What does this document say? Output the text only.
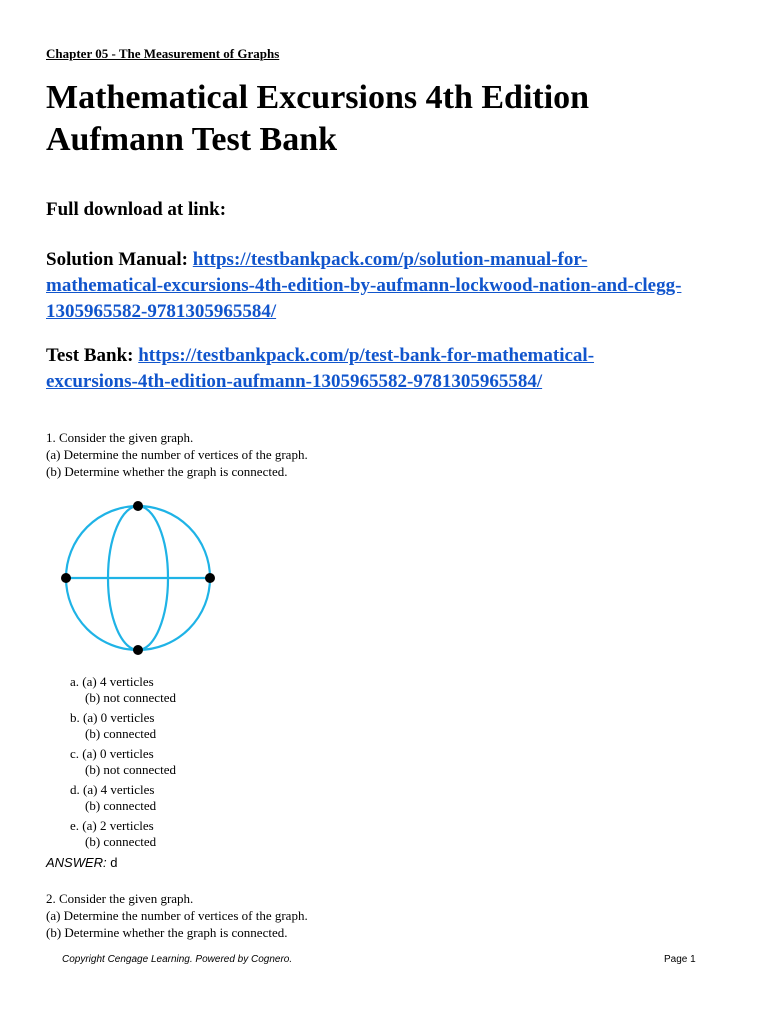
Chapter 05 - The Measurement of Graphs
Mathematical Excursions 4th Edition
Aufmann Test Bank
Full download at link:
Solution Manual: https://testbankpack.com/p/solution-manual-for-
mathematical-excursions-4th-edition-by-aufmann-lockwood-nation-and-clegg-
1305965582-9781305965584/
Test Bank: https://testbankpack.com/p/test-bank-for-mathematical-
excursions-4th-edition-aufmann-1305965582-9781305965584/
1. Consider the given graph.
(a) Determine the number of vertices of the graph.
(b) Determine whether the graph is connected.
a. (a) 4 verticles
(b) not connected
b. (a) 0 verticles
(b) connected
c. (a) 0 verticles
(b) not connected
d. (a) 4 verticles
(b) connected
e. (a) 2 verticles
(b) connected
ANSWER: d
2. Consider the given graph.
(a) Determine the number of vertices of the graph.
(b) Determine whether the graph is connected.
Copyright Cengage Learning. Powered by Cognero.	Page 1
